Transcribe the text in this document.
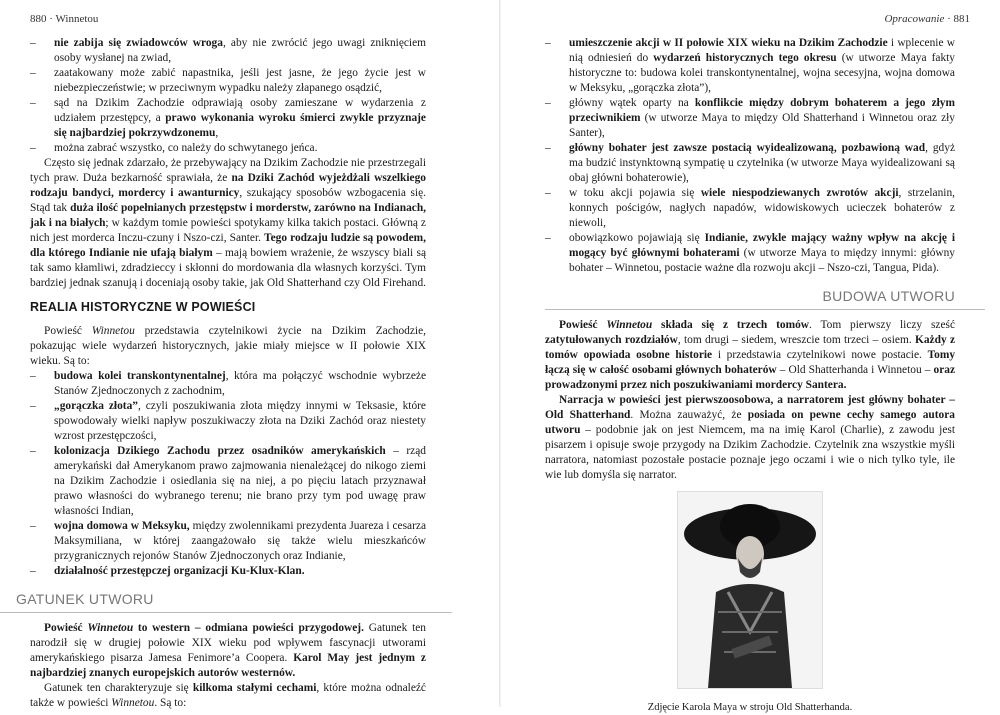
880 · Winnetou
– nie zabija się zwiadowców wroga, aby nie zwrócić jego uwagi zniknięciem osoby wysłanej na zwiad,
– zaatakowany może zabić napastnika, jeśli jest jasne, że jego życie jest w niebezpieczeństwie; w przeciwnym wypadku należy złapanego osądzić,
– sąd na Dzikim Zachodzie odprawiają osoby zamieszane w wydarzenia z udziałem przestępcy, a prawo wykonania wyroku śmierci zwykle przyznaje się najbardziej pokrzywdzonemu,
– można zabrać wszystko, co należy do schwytanego jeńca.

Często się jednak zdarzało, że przebywający na Dzikim Zachodzie nie przestrzegali tych praw. Duża bezkarność sprawiała, że na Dziki Zachód wyjeżdżali wszelkiego rodzaju bandyci, mordercy i awanturnicy, szukający sposobów wzbogacenia się. Stąd tak duża ilość popełnianych przestępstw i morderstw, zarówno na Indianach, jak i na białych; w każdym tomie powieści spotykamy kilka takich postaci. Główną z nich jest morderca Inczu-czuny i Nszo-czi, Santer. Tego rodzaju ludzie są powodem, dla którego Indianie nie ufają białym – mają bowiem wrażenie, że wszyscy biali są tak samo kłamliwi, zdradzieccy i skłonni do mordowania dla własnych korzyści. Tym bardziej jednak szanują i doceniają osoby takie, jak Old Shatterhand czy Old Firehand.

REALIA HISTORYCZNE W POWIEŚCI

Powieść Winnetou przedstawia czytelnikowi życie na Dzikim Zachodzie, pokazując wiele wydarzeń historycznych, jakie miały miejsce w II połowie XIX wieku. Są to:

– budowa kolei transkontynentalnej, która ma połączyć wschodnie wybrzeże Stanów Zjednoczonych z zachodnim,
– „gorączka złota”, czyli poszukiwania złota między innymi w Teksasie, które spowodowały wielki napływ poszukiwaczy złota na Dziki Zachód oraz niestety wzrost przestępczości,
– kolonizacja Dzikiego Zachodu przez osadników amerykańskich – rząd amerykański dał Amerykanom prawo zajmowania nienależącej do nikogo ziemi na Dzikim Zachodzie i osiedlania się na niej, a po pięciu latach przyznawał prawo własności do wybranego terenu; nie brano przy tym pod uwagę praw własności Indian,
– wojna domowa w Meksyku, między zwolennikami prezydenta Juareza i cesarza Maksymiliana, w której zaangażowało się także wielu mieszkańców przygranicznych rejonów Stanów Zjednoczonych oraz Indianie,
– działalność przestępczej organizacji Ku-Klux-Klan.
GATUNEK UTWORU

Powieść Winnetou to western – odmiana powieści przygodowej. Gatunek ten narodził się w drugiej połowie XIX wieku pod wpływem fascynacji utworami amerykańskiego pisarza Jamesa Fenimore’a Coopera. Karol May jest jednym z najbardziej znanych europejskich autorów westernów.

Gatunek ten charakteryzuje się kilkoma stałymi cechami, które można odnaleźć także w powieści Winnetou. Są to:

Opracowanie · 881
– umieszczenie akcji w II połowie XIX wieku na Dzikim Zachodzie i wplecenie w nią odniesień do wydarzeń historycznych tego okresu (w utworze Maya fakty historyczne to: budowa kolei transkontynentalnej, wojna secesyjna, wojna domowa w Meksyku, „gorączka złota”),
– główny wątek oparty na konflikcie między dobrym bohaterem a jego złym przeciwnikiem (w utworze Maya to między Old Shatterhand i Winnetou oraz zły Santer),
– główny bohater jest zawsze postacią wyidealizowaną, pozbawioną wad, gdyż ma budzić instynktowną sympatię u czytelnika (w utworze Maya wyidealizowani są obaj główni bohaterowie),
– w toku akcji pojawia się wiele niespodziewanych zwrotów akcji, strzelanin, konnych pościgów, nagłych napadów, widowiskowych ucieczek bohaterów z niewoli,
– obowiązkowo pojawiają się Indianie, zwykle mający ważny wpływ na akcję i mogący być głównymi bohaterami (w utworze Maya to między innymi: główny bohater – Winnetou, postacie ważne dla rozwoju akcji – Nszo-czi, Tangua, Pida).
BUDOWA UTWORU

Powieść Winnetou składa się z trzech tomów. Tom pierwszy liczy sześć zatytułowanych rozdziałów, tom drugi – siedem, wreszcie tom trzeci – osiem. Każdy z tomów opowiada osobne historie i przedstawia czytelnikowi nowe postacie. Tomy łączą się w całość osobami głównych bohaterów – Old Shatterhanda i Winnetou – oraz prowadzonymi przez nich poszukiwaniami mordercy Santera.

Narracja w powieści jest pierwszoosobowa, a narratorem jest główny bohater – Old Shatterhand. Można zauważyć, że posiada on pewne cechy samego autora utworu – podobnie jak on jest Niemcem, ma na imię Karol (Charlie), z zawodu jest pisarzem i opisuje swoje przygody na Dzikim Zachodzie. Czytelnik zna wszystkie myśli narratora, natomiast pozostałe postacie poznaje jego oczami i wie o nich tylko tyle, ile wie lub domyśla się narrator.

Zdjęcie Karola Maya w stroju Old Shatterhanda.
